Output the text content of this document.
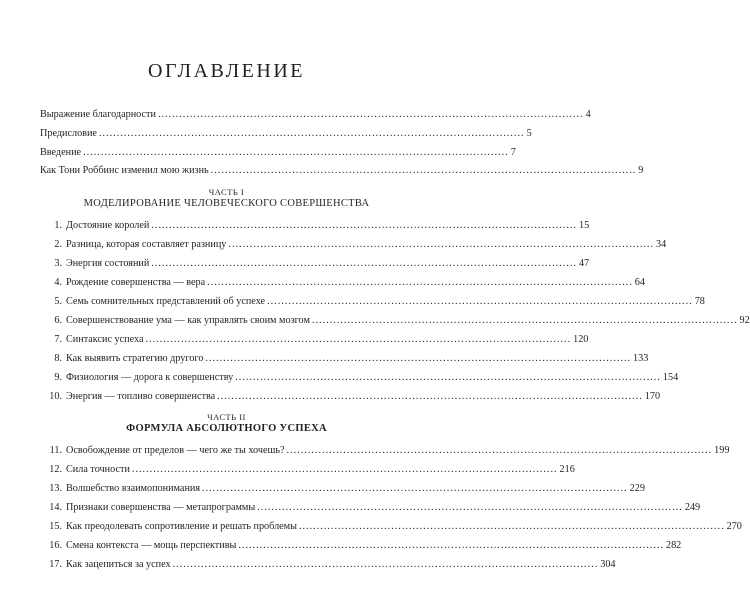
ОГЛАВЛЕНИЕ
Выражение благодарности ........................................................................................................................ 4
Предисловие ........................................................................................................................ 5
Введение ........................................................................................................................ 7
Как Тони Роббинс изменил мою жизнь ........................................................................................................................ 9
ЧАСТЬ I
МОДЕЛИРОВАНИЕ ЧЕЛОВЕЧЕСКОГО СОВЕРШЕНСТВА
1. Достояние королей ........................................................................................................................ 15
2. Разница, которая составляет разницу ........................................................................................................................ 34
3. Энергия состояний ........................................................................................................................ 47
4. Рождение совершенства — вера ........................................................................................................................ 64
5. Семь сомнительных представлений об успехе ........................................................................................................................ 78
6. Совершенствование ума — как управлять своим мозгом ........................................................................................................................ 92
7. Синтаксис успеха ........................................................................................................................ 120
8. Как выявить стратегию другого ........................................................................................................................ 133
9. Физиология — дорога к совершенству ........................................................................................................................ 154
10. Энергия — топливо совершенства ........................................................................................................................ 170
ЧАСТЬ II
ФОРМУЛА АБСОЛЮТНОГО УСПЕХА
11. Освобождение от пределов — чего же ты хочешь? ........................................................................................................................ 199
12. Сила точности ........................................................................................................................ 216
13. Волшебство взаимопонимания ........................................................................................................................ 229
14. Признаки совершенства — метапрограммы ........................................................................................................................ 249
15. Как преодолевать сопротивление и решать проблемы ........................................................................................................................ 270
16. Смена контекста — мощь перспективы ........................................................................................................................ 282
17. Как зацепиться за успех ........................................................................................................................ 304
